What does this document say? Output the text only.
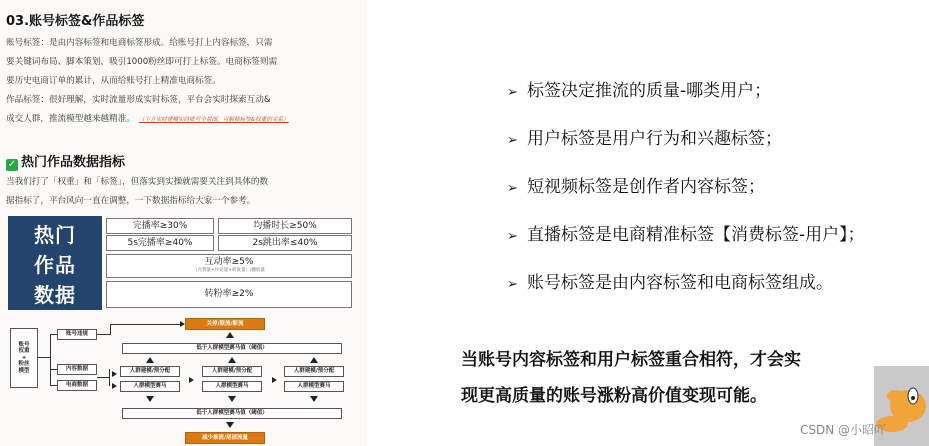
03.账号标签&作品标签
账号标签：是由内容标签和电商标签形成。给账号打上内容标签，只需
要关键词布局、脚本策划，吸引1000粉丝即可打上标签。电商标签则需
要历史电商订单的累计，从而给账号打上精准电商标签。
作品标签：很好理解，实时流量形成实时标签，平台会实时探索互动&
成交人群，推流模型越来越精准。 （下方实时建模实时账号全景图，可解释标签&权重的关系）
✓ 热门作品数据指标
当我们打了「权重」和「标签」，但落实到实操就需要关注到具体的数
据指标了，平台风向一直在调整，一下数据指标给大家一个参考。
热门
作品
数据
完播率≥30%	均播时长≥50%
5s完播率≥40%	2s跳出率≤40%
互动率≥5%
（点赞量+评论量+转发量）/播放量
转粉率≥2%
账号
权重
+
粉丝
模型
账号违规
内容数据
电商数据
关停/限流/断流
低于人群模型赛马值（阈值）
人群建模/预分配	人群建模/预分配	人群建模/预分配
人群模型赛马	人群模型赛马	人群模型赛马
低于人群模型赛马值（阈值）
减少推流/尾部流量
➢ 标签决定推流的质量-哪类用户；
➢ 用户标签是用户行为和兴趣标签；
➢ 短视频标签是创作者内容标签；
➢ 直播标签是电商精准标签【消费标签-用户】；
➢ 账号标签是由内容标签和电商标签组成。
当账号内容标签和用户标签重合相符，才会实
现更高质量的账号涨粉高价值变现可能。
CSDN @小昭吖
